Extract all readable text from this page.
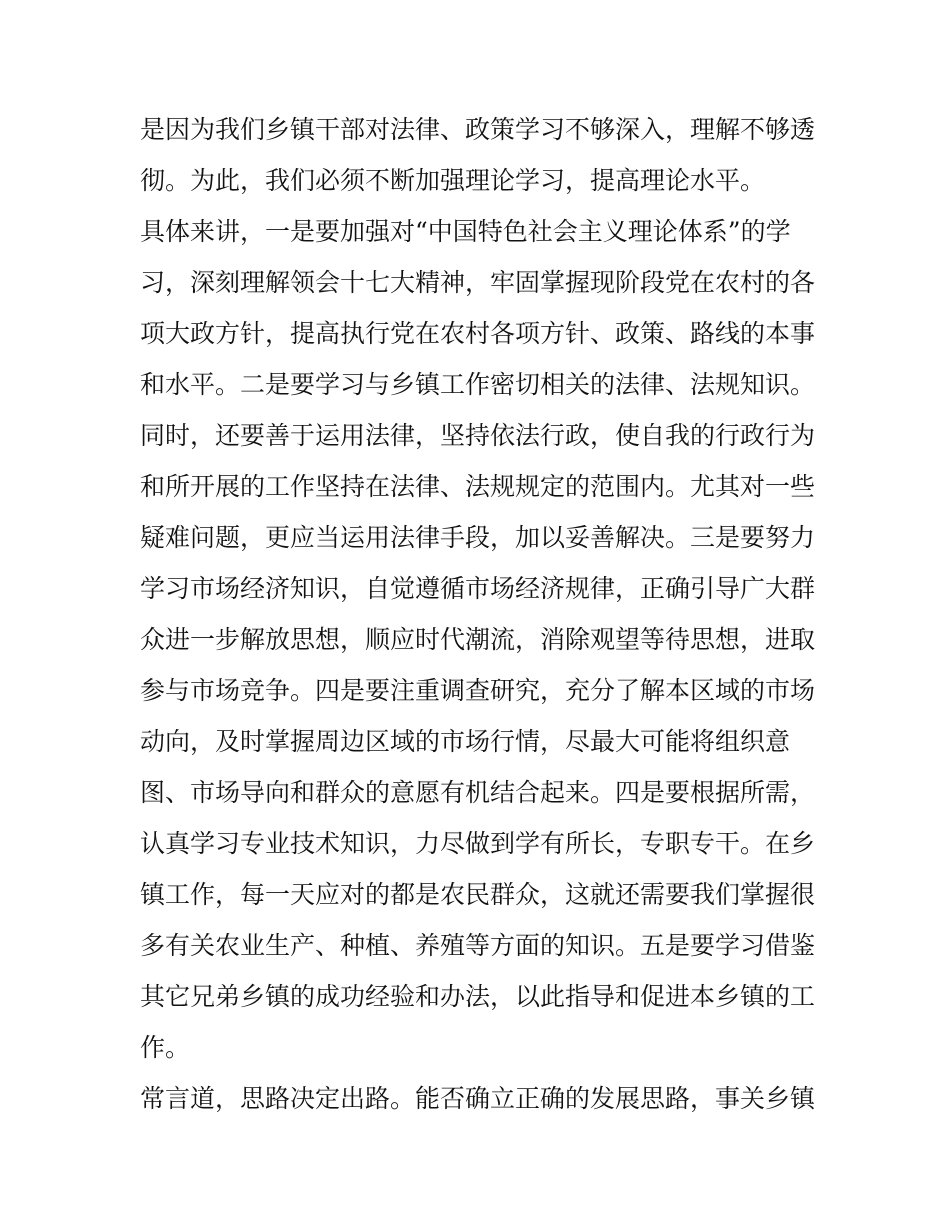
是因为我们乡镇干部对法律、政策学习不够深入，理解不够透
彻。为此，我们必须不断加强理论学习，提高理论水平。
具体来讲，一是要加强对“中国特色社会主义理论体系”的学
习，深刻理解领会十七大精神，牢固掌握现阶段党在农村的各
项大政方针，提高执行党在农村各项方针、政策、路线的本事
和水平。二是要学习与乡镇工作密切相关的法律、法规知识。
同时，还要善于运用法律，坚持依法行政，使自我的行政行为
和所开展的工作坚持在法律、法规规定的范围内。尤其对一些
疑难问题，更应当运用法律手段，加以妥善解决。三是要努力
学习市场经济知识，自觉遵循市场经济规律，正确引导广大群
众进一步解放思想，顺应时代潮流，消除观望等待思想，进取
参与市场竞争。四是要注重调查研究，充分了解本区域的市场
动向，及时掌握周边区域的市场行情，尽最大可能将组织意
图、市场导向和群众的意愿有机结合起来。四是要根据所需，
认真学习专业技术知识，力尽做到学有所长，专职专干。在乡
镇工作，每一天应对的都是农民群众，这就还需要我们掌握很
多有关农业生产、种植、养殖等方面的知识。五是要学习借鉴
其它兄弟乡镇的成功经验和办法，以此指导和促进本乡镇的工
作。
常言道，思路决定出路。能否确立正确的发展思路，事关乡镇
